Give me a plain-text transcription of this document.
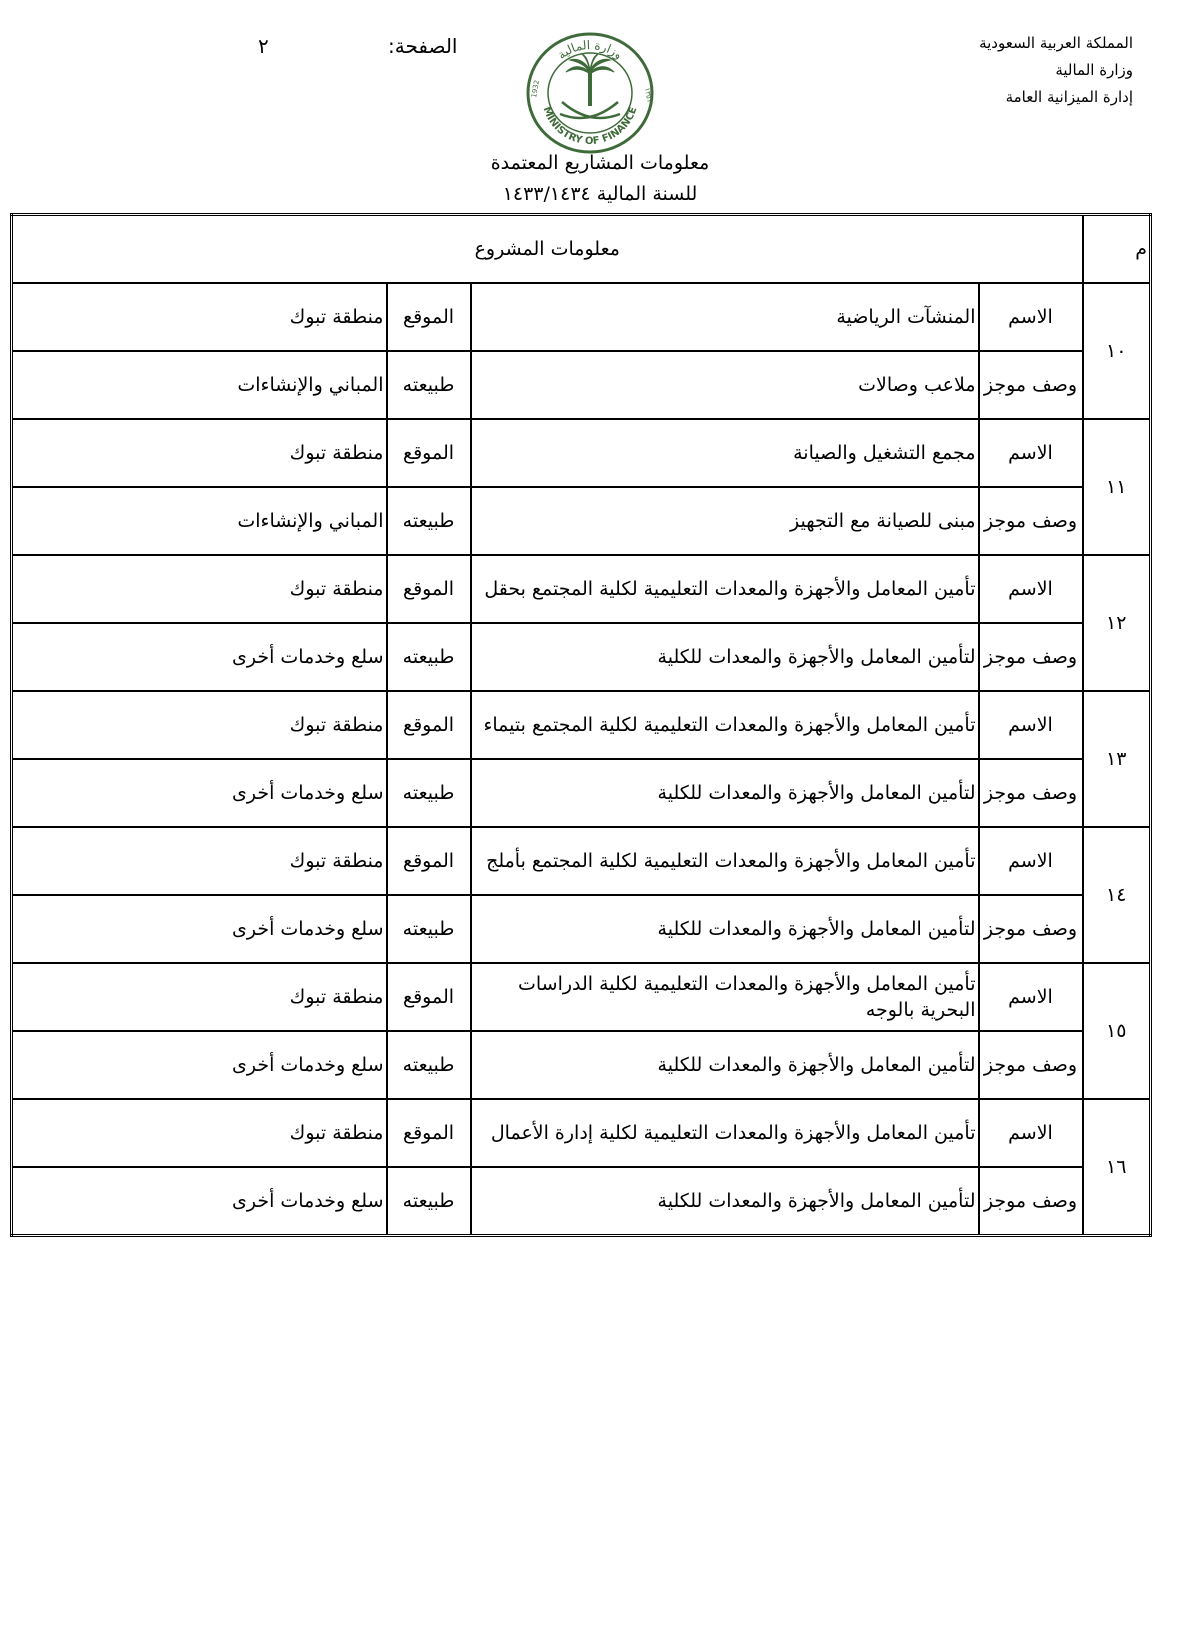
المملكة العربية السعودية
وزارة المالية
إدارة الميزانية العامة
الصفحة:
٢	وزارة المالية
MINISTRY OF FINANCE
1932	١٣٥١
معلومات المشاريع المعتمدة
للسنة المالية ١٤٣٣/١٤٣٤
م	معلومات المشروع			
١٠	الاسم	المنشآت الرياضية	الموقع	منطقة تبوك
	وصف موجز	ملاعب وصالات	طبيعته	المباني والإنشاءات
١١	الاسم	مجمع التشغيل والصيانة	الموقع	منطقة تبوك
	وصف موجز	مبنى للصيانة مع التجهيز	طبيعته	المباني والإنشاءات
١٢	الاسم	تأمين المعامل والأجهزة والمعدات التعليمية لكلية المجتمع بحقل	الموقع	منطقة تبوك
	وصف موجز	لتأمين المعامل والأجهزة والمعدات للكلية	طبيعته	سلع وخدمات أخرى
١٣	الاسم	تأمين المعامل والأجهزة والمعدات التعليمية لكلية المجتمع بتيماء	الموقع	منطقة تبوك
	وصف موجز	لتأمين المعامل والأجهزة والمعدات للكلية	طبيعته	سلع وخدمات أخرى
١٤	الاسم	تأمين المعامل والأجهزة والمعدات التعليمية لكلية المجتمع بأملج	الموقع	منطقة تبوك
	وصف موجز	لتأمين المعامل والأجهزة والمعدات للكلية	طبيعته	سلع وخدمات أخرى
١٥	الاسم	تأمين المعامل والأجهزة والمعدات التعليمية لكلية الدراسات البحرية بالوجه	الموقع	منطقة تبوك
	وصف موجز	لتأمين المعامل والأجهزة والمعدات للكلية	طبيعته	سلع وخدمات أخرى
١٦	الاسم	تأمين المعامل والأجهزة والمعدات التعليمية لكلية إدارة الأعمال	الموقع	منطقة تبوك
	وصف موجز	لتأمين المعامل والأجهزة والمعدات للكلية	طبيعته	سلع وخدمات أخرى
